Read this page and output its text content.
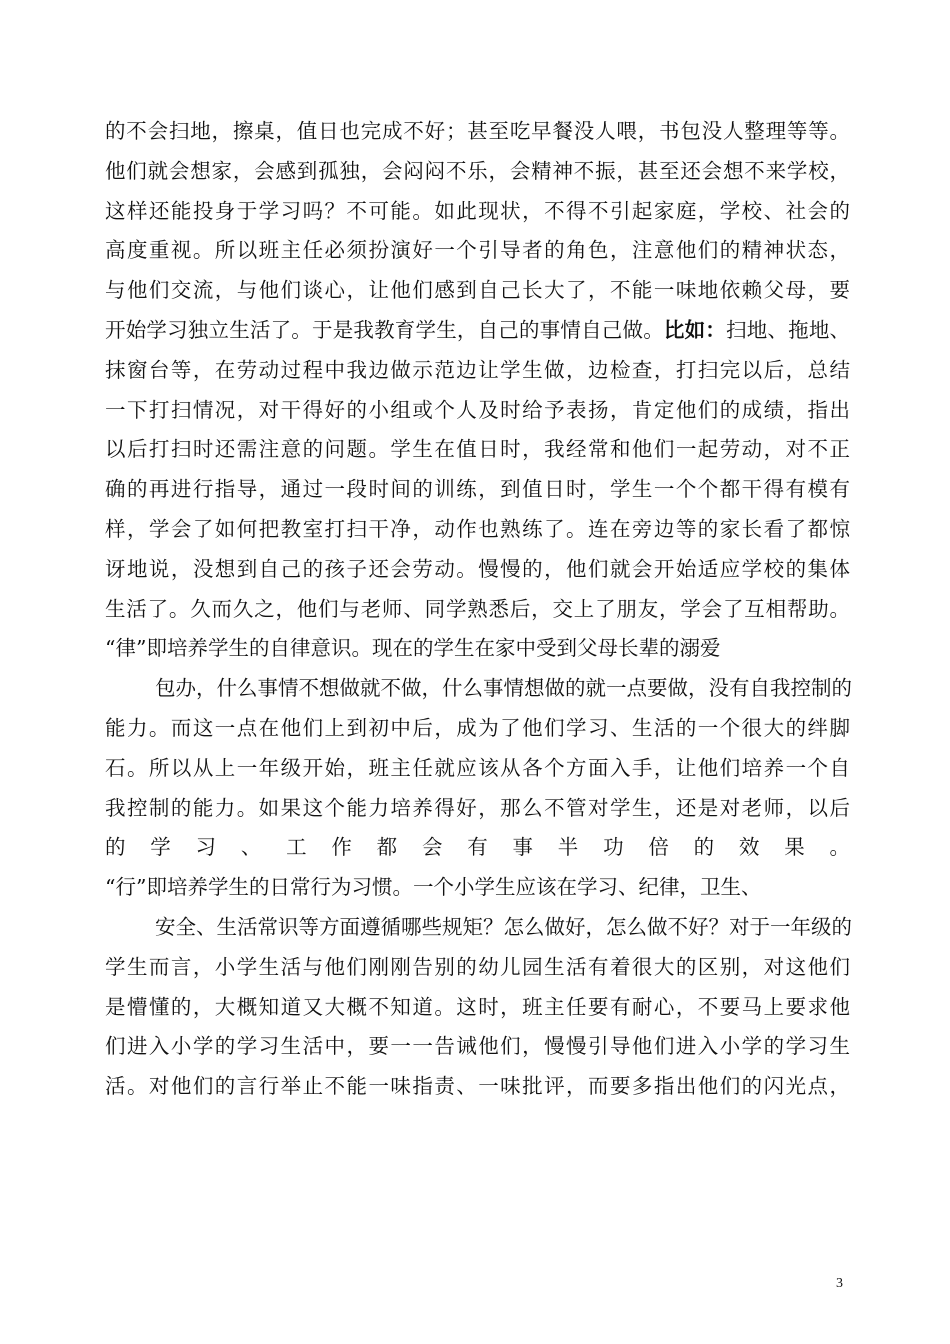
的不会扫地，擦桌，值日也完成不好；甚至吃早餐没人喂，书包没人整理等等。
他们就会想家，会感到孤独，会闷闷不乐，会精神不振，甚至还会想不来学校，
这样还能投身于学习吗？不可能。如此现状，不得不引起家庭，学校、社会的
高度重视。所以班主任必须扮演好一个引导者的角色，注意他们的精神状态，
与他们交流，与他们谈心，让他们感到自己长大了，不能一味地依赖父母，要
开始学习独立生活了。于是我教育学生，自己的事情自己做。比如：扫地、拖地、
抹窗台等，在劳动过程中我边做示范边让学生做，边检查，打扫完以后，总结
一下打扫情况，对干得好的小组或个人及时给予表扬，肯定他们的成绩，指出
以后打扫时还需注意的问题。学生在值日时，我经常和他们一起劳动，对不正
确的再进行指导，通过一段时间的训练，到值日时，学生一个个都干得有模有
样，学会了如何把教室打扫干净，动作也熟练了。连在旁边等的家长看了都惊
讶地说，没想到自己的孩子还会劳动。慢慢的，他们就会开始适应学校的集体
生活了。久而久之，他们与老师、同学熟悉后，交上了朋友，学会了互相帮助。
“律”即培养学生的自律意识。现在的学生在家中受到父母长辈的溺爱
包办，什么事情不想做就不做，什么事情想做的就一点要做，没有自我控制的
能力。而这一点在他们上到初中后，成为了他们学习、生活的一个很大的绊脚
石。所以从上一年级开始，班主任就应该从各个方面入手，让他们培养一个自
我控制的能力。如果这个能力培养得好，那么不管对学生，还是对老师，以后
的学习、工作都会有事半功倍的效果。
“行”即培养学生的日常行为习惯。一个小学生应该在学习、纪律，卫生、
安全、生活常识等方面遵循哪些规矩？怎么做好，怎么做不好？对于一年级的
学生而言，小学生活与他们刚刚告别的幼儿园生活有着很大的区别，对这他们
是懵懂的，大概知道又大概不知道。这时，班主任要有耐心，不要马上要求他
们进入小学的学习生活中，要一一告诫他们，慢慢引导他们进入小学的学习生
活。对他们的言行举止不能一味指责、一味批评，而要多指出他们的闪光点，
3
